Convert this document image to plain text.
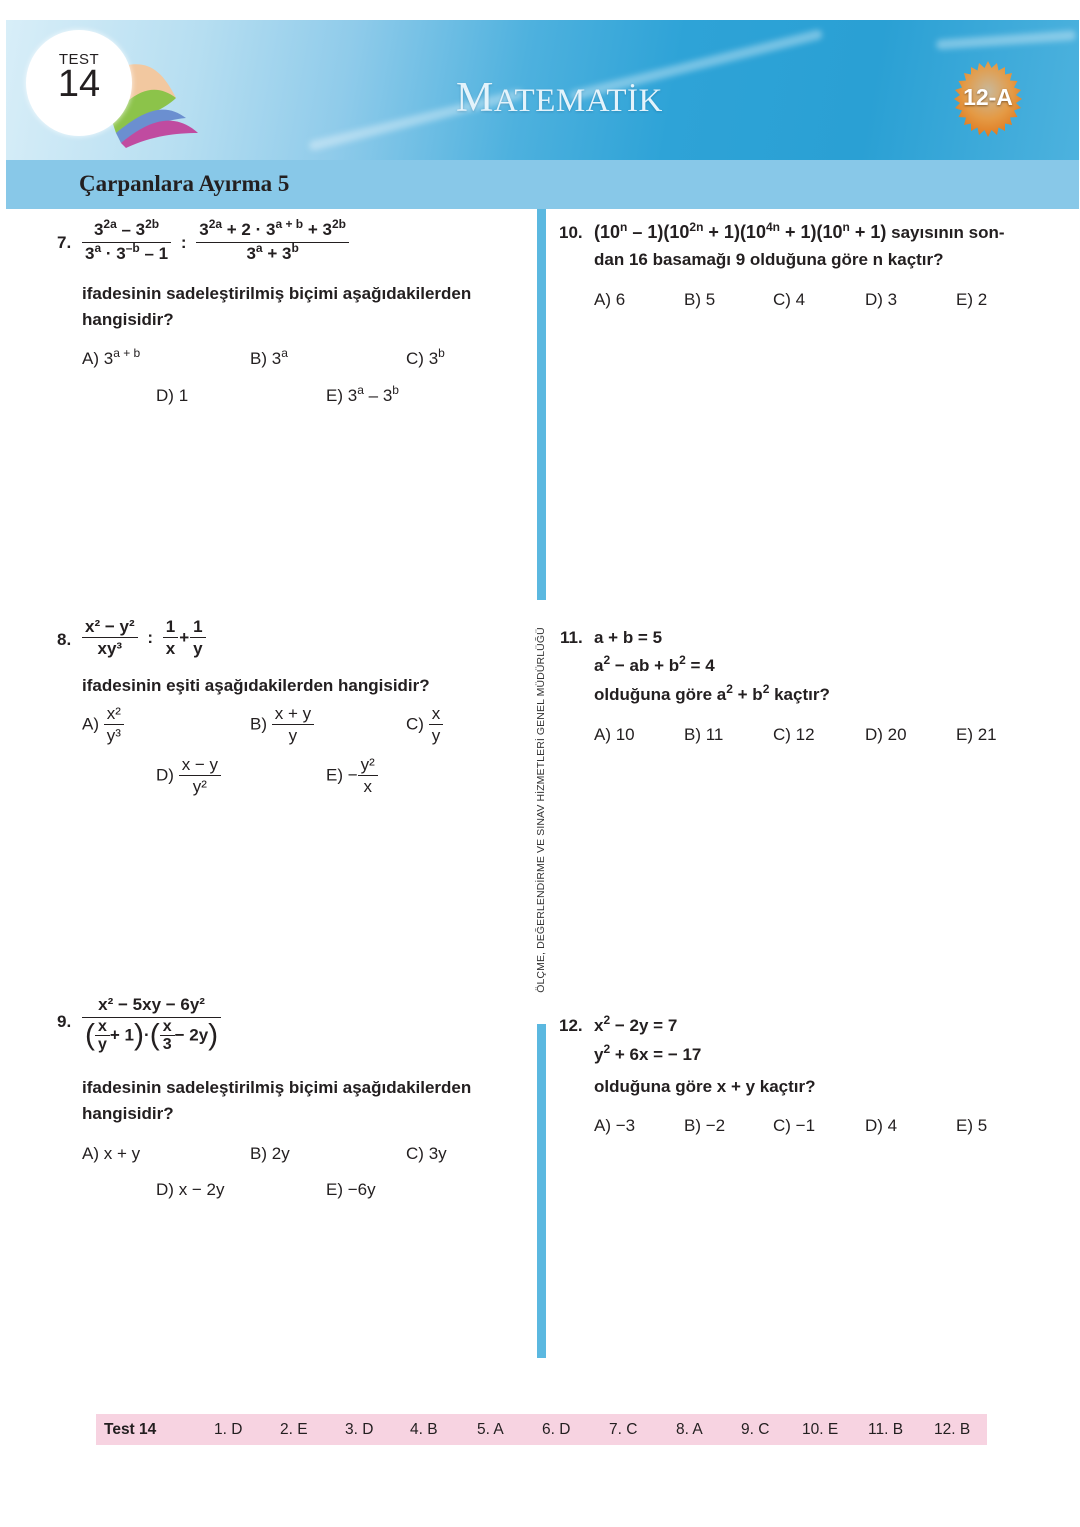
TEST
14	MATEMATİK	12-A
Çarpanlara Ayırma 5
ÖLÇME, DEĞERLENDİRME VE SINAV HİZMETLERİ GENEL MÜDÜRLÜĞÜ
7. $\frac{3^{2a} - 3^{2b}}{3^a \cdot 3^{-b} - 1}$ : $\frac{3^{2a} + 2 \cdot 3^{a + b} + 3^{2b}}{3^a + 3^b}$
ifadesinin sadeleştirilmiş biçimi aşağıdakilerden
hangisidir?
A) $3^{a + b}$	B) 3$^a$	C) 3$^b$
D) 1	E) 3$^a$ – 3$^b$
8. $\frac{\text{x² − y²}}{\text{xy³}}$ : $\frac{1}{x} + \frac{1}{y}$
ifadesinin eşiti aşağıdakilerden hangisidir?
$A) \frac{\text{x²}}{\text{y³}}$	$B) \frac{x + y}{y}$	$C) \frac{x}{y}$
$D) \frac{x - y}{\text{y²}}$	$E) - \frac{\text{y²}}{x}$
9. $\frac{\text{x² − 5xy − 6y²}}{( \frac{x}{y} + 1)\cdot( \frac{x}{3} - 2y)}$
ifadesinin sadeleştirilmiş biçimi aşağıdakilerden
hangisidir?
A) x + y	B) 2y	C) 3y
D) x − 2y	E) −6y
10. $(10^n - 1)(10^{2n} + 1)(10^{4n} + 1)(10^n + 1)$ sayısının son-
dan 16 basamağı 9 olduğuna göre n kaçtır?
A) 6	B) 5	C) 4	D) 3	E) 2
11. a + b = 5
$a^2$ − ab + $b^2 = 4$
olduğuna göre $a^2 + b^2$ kaçtır?
A) 10	B) 11	C) 12	D) 20	E) 21
12. $x^2 - 2y = 7$
$y^2 + 6x$ = − 17
olduğuna göre x + y kaçtır?
A) −3	B) −2	C) −1	D) 4	E) 5
Test 14	1. D 2. E 3. D 4. B	5. A 6. D 7. C 8. A 9. C 10. E 11. B 12. B
